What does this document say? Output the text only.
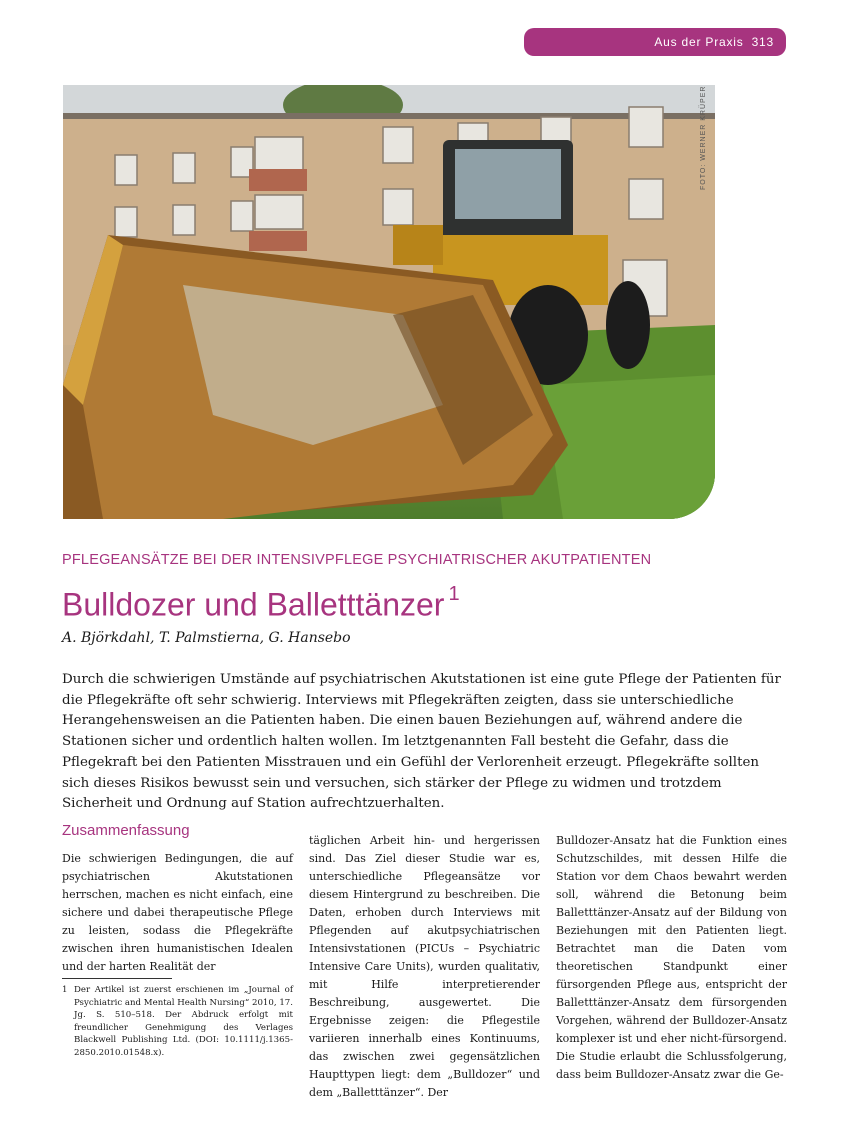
Aus der Praxis 313
FOTO: WERNER KRÜPER
PFLEGEANSÄTZE BEI DER INTENSIVPFLEGE PSYCHIATRISCHER AKUTPATIENTEN
Bulldozer und Balletttänzer $^1$
A. Björkdahl, T. Palmstierna, G. Hansebo
Durch die schwierigen Umstände auf psychiatrischen Akutstationen ist eine gute Pflege der Patienten für die Pflegekräfte oft sehr schwierig. Interviews mit Pflegekräften zeigten, dass sie unterschiedliche Herangehensweisen an die Patienten haben. Die einen bauen Beziehungen auf, während andere die Stationen sicher und ordentlich halten wollen. Im letztgenannten Fall besteht die Gefahr, dass die Pflegekraft bei den Patienten Misstrauen und ein Gefühl der Verlorenheit erzeugt. Pflegekräfte sollten sich dieses Risikos bewusst sein und versuchen, sich stärker der Pflege zu widmen und trotzdem Sicherheit und Ordnung auf Station aufrechtzuerhalten.
Zusammenfassung

Die schwierigen Bedingungen, die auf psychiatrischen Akutstationen herrschen, machen es nicht einfach, eine sichere und dabei therapeutische Pflege zu leisten, sodass die Pflegekräfte zwischen ihren humanistischen Idealen und der harten Realität der

täglichen Arbeit hin- und hergerissen sind. Das Ziel dieser Studie war es, unterschiedliche Pflegeansätze vor diesem Hintergrund zu beschreiben. Die Daten, erhoben durch Interviews mit Pflegenden auf akutpsychiatrischen Intensivstationen (PICUs – Psychiatric Intensive Care Units), wurden qualitativ, mit Hilfe interpretierender Beschreibung, ausgewertet. Die Ergebnisse zeigen: die Pflegestile variieren innerhalb eines Kontinuums, das zwischen zwei gegensätzlichen Haupttypen liegt: dem „Bulldozer“ und dem „Balletttänzer“. Der

Bulldozer-Ansatz hat die Funktion eines Schutzschildes, mit dessen Hilfe die Station vor dem Chaos bewahrt werden soll, während die Betonung beim Balletttänzer-Ansatz auf der Bildung von Beziehungen mit den Patienten liegt. Betrachtet man die Daten vom theoretischen Standpunkt einer fürsorgenden Pflege aus, entspricht der Balletttänzer-Ansatz dem fürsorgenden Vorgehen, während der Bulldozer-Ansatz komplexer ist und eher nicht-fürsorgend. Die Studie erlaubt die Schlussfolgerung, dass beim Bulldozer-Ansatz zwar die Ge-

1 Der Artikel ist zuerst erschienen im „Journal of Psychiatric and Mental Health Nursing“ 2010, 17. Jg. S. 510–518. Der Abdruck erfolgt mit freundlicher Genehmigung des Verlages Blackwell Publishing Ltd. (DOI: 10.1111/j.1365-2850.2010.01548.x).
